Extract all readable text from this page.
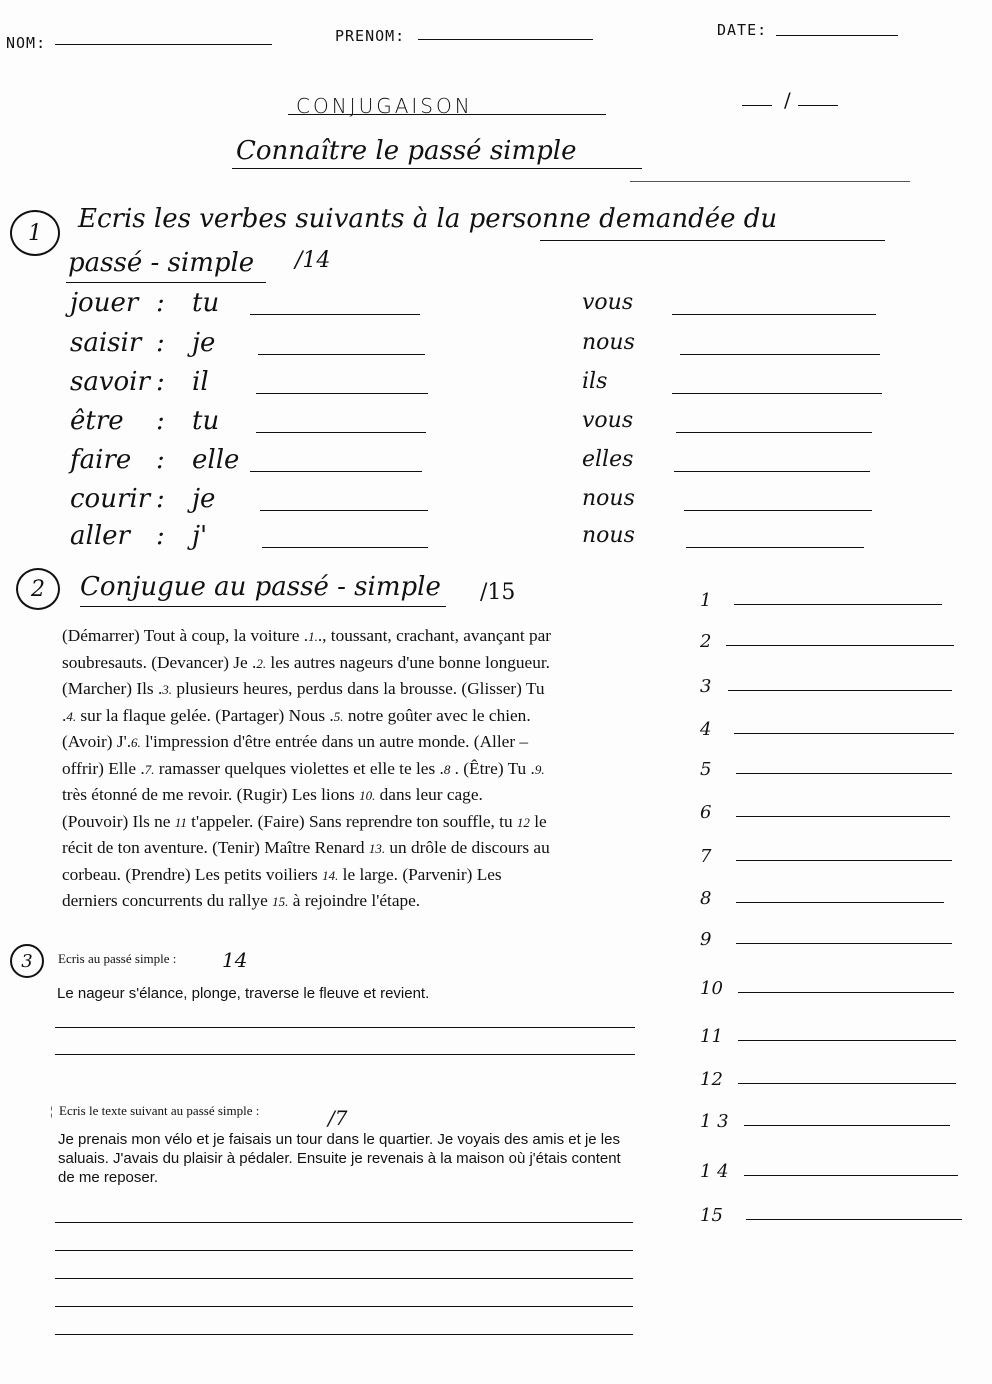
NOM:	PRENOM:	DATE:
CONJUGAISON	/
Connaître le passé simple
1	Ecris les verbes suivants à la personne demandée du
passé - simple /14
jouer : tu	vous
saisir : je	nous
savoir : il	ils
être : tu	vous
faire : elle	elles
courir : je	nous
aller : j'	nous
2	Conjugue au passé - simple /15
(Démarrer) Tout à coup, la voiture .1.., toussant, crachant, avançant par
soubresauts. (Devancer) Je .2. les autres nageurs d'une bonne longueur.
(Marcher) Ils .3. plusieurs heures, perdus dans la brousse. (Glisser) Tu
.4. sur la flaque gelée. (Partager) Nous .5. notre goûter avec le chien.
(Avoir) J'.6. l'impression d'être entrée dans un autre monde. (Aller –
offrir) Elle .7. ramasser quelques violettes et elle te les .8 . (Être) Tu .9.
très étonné de me revoir. (Rugir) Les lions 10. dans leur cage.
(Pouvoir) Ils ne 11 t'appeler. (Faire) Sans reprendre ton souffle, tu 12 le
récit de ton aventure. (Tenir) Maître Renard 13. un drôle de discours au
corbeau. (Prendre) Les petits voiliers 14. le large. (Parvenir) Les
derniers concurrents du rallye 15. à rejoindre l'étape.
1
2
3
4
5
6
7
8
9
10
11
12
1 3
1 4
15
3	Ecris au passé simple : 14
Le nageur s'élance, plonge, traverse le fleuve et revient.
¦ Ecris le texte suivant au passé simple :	/7
Je prenais mon vélo et je faisais un tour dans le quartier. Je voyais des amis et je les saluais. J'avais du plaisir à pédaler. Ensuite je revenais à la maison où j'étais content de me reposer.
